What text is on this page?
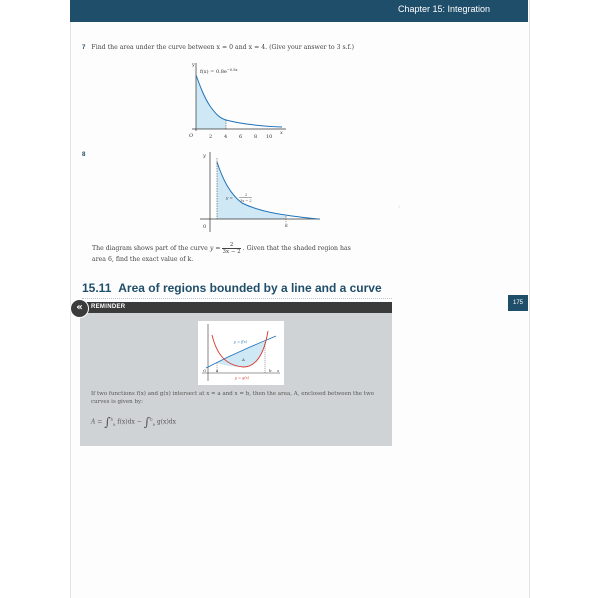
Chapter 15: Integration
7 Find the area under the curve between x = 0 and x = 4. (Give your answer to 3 s.f.)
y
$f(x) = 0.8e^{-0.5x}$
O	2 4 6 8 10
x
8	y
0
y =	2
3x − 2
k
The diagram shows part of the curve $y = \frac{2}{3x - 2}$ . Given that the shaded region has
area 6, find the exact value of k.
ˏ
15.11 Area of regions bounded by a line and a curve
175
«	REMINDER
y = f(x)
A
y = g(x)
O a	b x
If two functions f(x) and g(x) intersect at x = a and x = b, then the area, A, enclosed between the two curves is given by:
A = ∫$^b_a$ f(x)dx − ∫$^b_a$ g(x)dx
